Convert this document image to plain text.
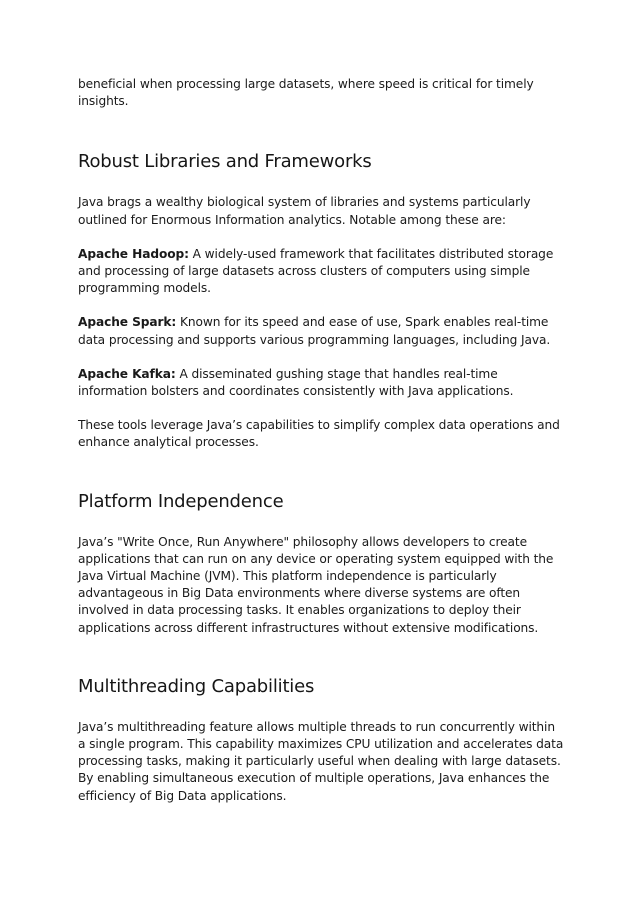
beneficial when processing large datasets, where speed is critical for timely insights.

Robust Libraries and Frameworks

Java brags a wealthy biological system of libraries and systems particularly outlined for Enormous Information analytics. Notable among these are:

Apache Hadoop: A widely-used framework that facilitates distributed storage and processing of large datasets across clusters of computers using simple programming models.

Apache Spark: Known for its speed and ease of use, Spark enables real-time data processing and supports various programming languages, including Java.

Apache Kafka: A disseminated gushing stage that handles real-time information bolsters and coordinates consistently with Java applications.

These tools leverage Java’s capabilities to simplify complex data operations and enhance analytical processes.

Platform Independence

Java’s "Write Once, Run Anywhere" philosophy allows developers to create applications that can run on any device or operating system equipped with the Java Virtual Machine (JVM). This platform independence is particularly advantageous in Big Data environments where diverse systems are often involved in data processing tasks. It enables organizations to deploy their applications across different infrastructures without extensive modifications.

Multithreading Capabilities

Java’s multithreading feature allows multiple threads to run concurrently within a single program. This capability maximizes CPU utilization and accelerates data processing tasks, making it particularly useful when dealing with large datasets. By enabling simultaneous execution of multiple operations, Java enhances the efficiency of Big Data applications.
